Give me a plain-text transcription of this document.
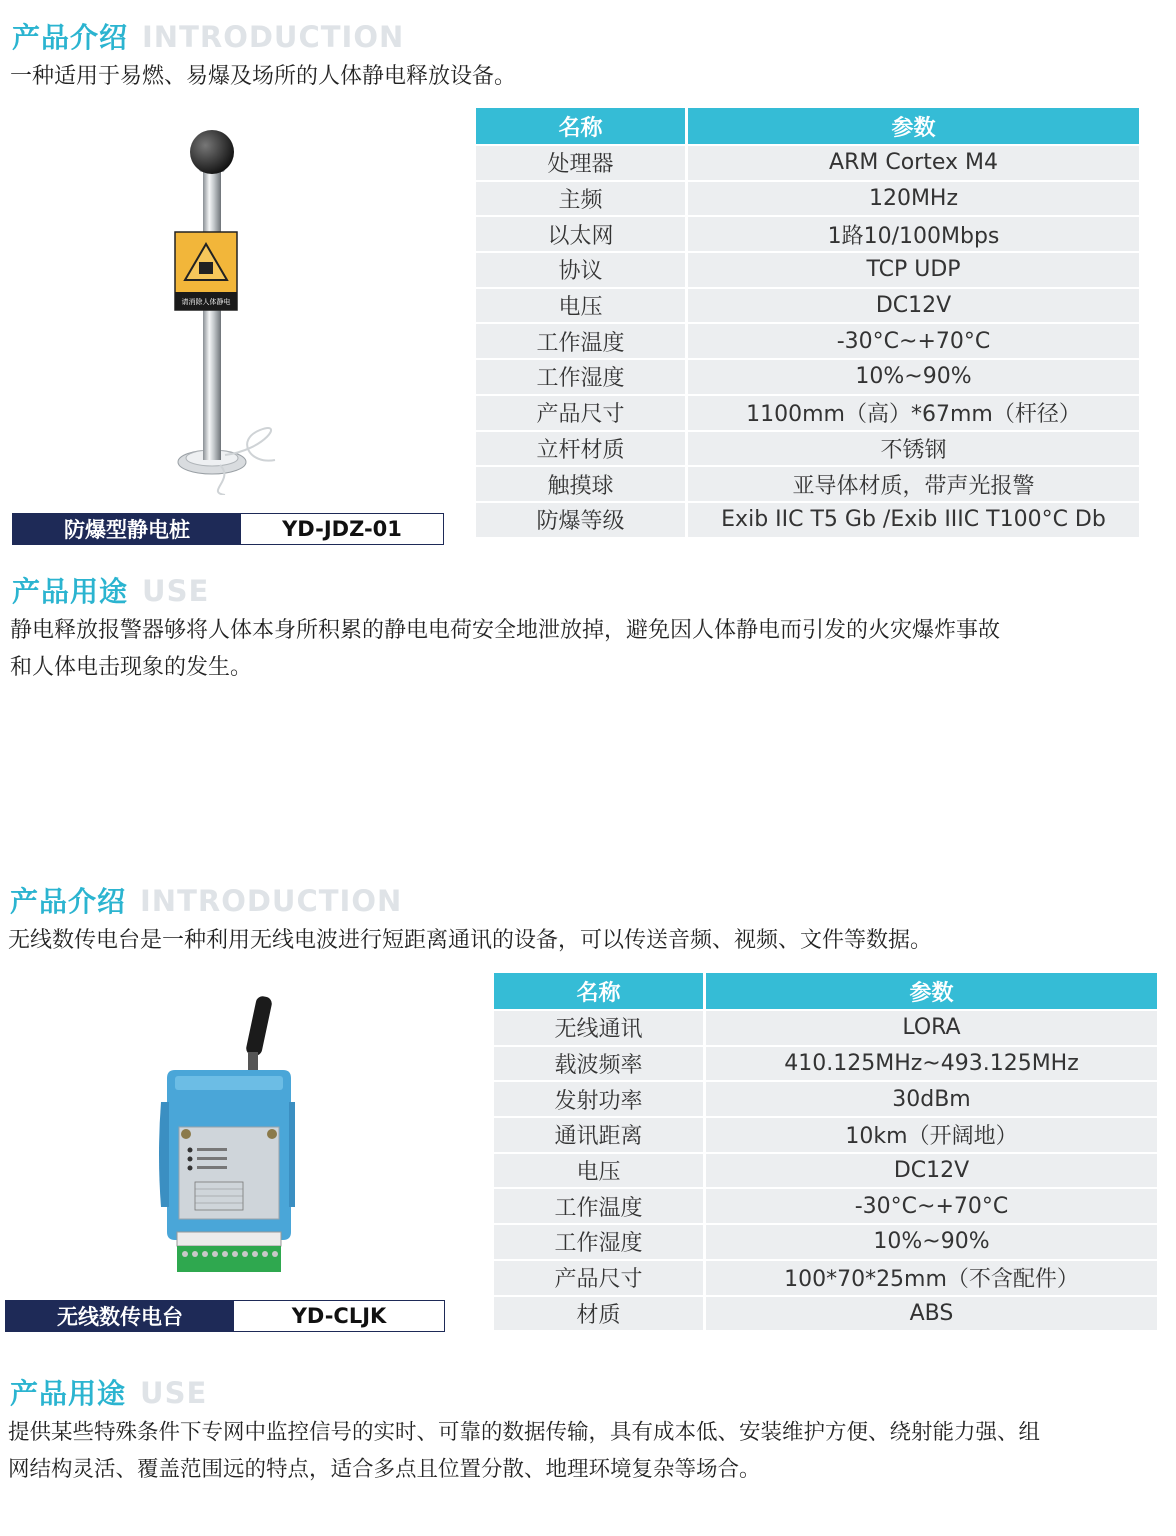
产品介绍 INTRODUCTION
一种适用于易燃、易爆及场所的人体静电释放设备。
请消除人体静电
防爆型静电桩	YD-JDZ-01
名称	参数
处理器	ARM Cortex M4
主频	120MHz
以太网	1路10/100Mbps
协议	TCP UDP
电压	DC12V
工作温度	-30°C~+70°C
工作湿度	10%~90%
产品尺寸	1100mm（高）*67mm（杆径）
立杆材质	不锈钢
触摸球	亚导体材质，带声光报警
防爆等级	Exib IIC T5 Gb /Exib IIIC T100°C Db
产品用途 USE
静电释放报警器够将人体本身所积累的静电电荷安全地泄放掉，避免因人体静电而引发的火灾爆炸事故
和人体电击现象的发生。
产品介绍 INTRODUCTION
无线数传电台是一种利用无线电波进行短距离通讯的设备，可以传送音频、视频、文件等数据。
无线数传电台	YD-CLJK
名称	参数
无线通讯	LORA
载波频率	410.125MHz~493.125MHz
发射功率	30dBm
通讯距离	10km（开阔地）
电压	DC12V
工作温度	-30°C~+70°C
工作湿度	10%~90%
产品尺寸	100*70*25mm（不含配件）
材质	ABS
产品用途 USE
提供某些特殊条件下专网中监控信号的实时、可靠的数据传输，具有成本低、安装维护方便、绕射能力强、组
网结构灵活、覆盖范围远的特点，适合多点且位置分散、地理环境复杂等场合。
